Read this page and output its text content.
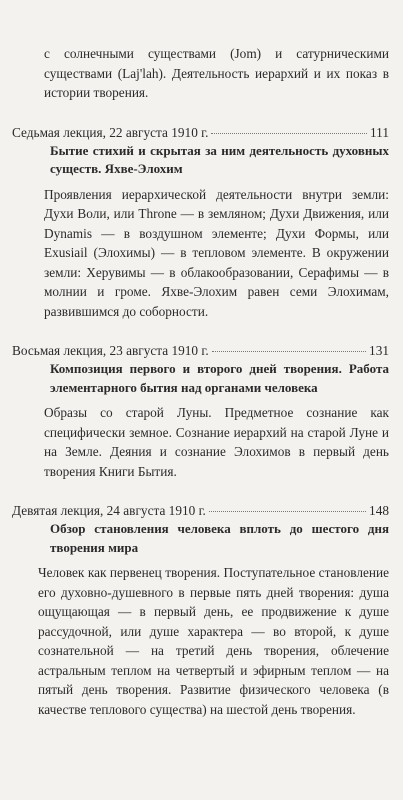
с солнечными существами (Jom) и сатурническими существами (Laj'lah). Деятельность иерархий и их показ в истории творения.

Седьмая лекция, 22 августа 1910 г.	111
Бытие стихий и скрытая за ним деятельность духовных существ. Яхве-Элохим

Проявления иерархической деятельности внутри земли: Духи Воли, или Throne — в земляном; Духи Движения, или Dynamis — в воздушном элементе; Духи Формы, или Exusiail (Элохимы) — в тепловом элементе. В окружении земли: Херувимы — в облакообразовании, Серафимы — в молнии и громе. Яхве-Элохим равен семи Элохимам, развившимся до соборности.

Восьмая лекция, 23 августа 1910 г.	131
Композиция первого и второго дней творения. Работа элементарного бытия над органами человека

Образы со старой Луны. Предметное сознание как специфически земное. Сознание иерархий на старой Луне и на Земле. Деяния и сознание Элохимов в первый день творения Книги Бытия.

Девятая лекция, 24 августа 1910 г.	148
Обзор становления человека вплоть до шестого дня творения мира

Человек как первенец творения. Поступательное становление его духовно-душевного в первые пять дней творения: душа ощущающая — в первый день, ее продвижение к душе рассудочной, или душе характера — во второй, к душе сознательной — на третий день творения, облечение астральным теплом на четвертый и эфирным теплом — на пятый день творения. Развитие физического человека (в качестве теплового существа) на шестой день творения.
